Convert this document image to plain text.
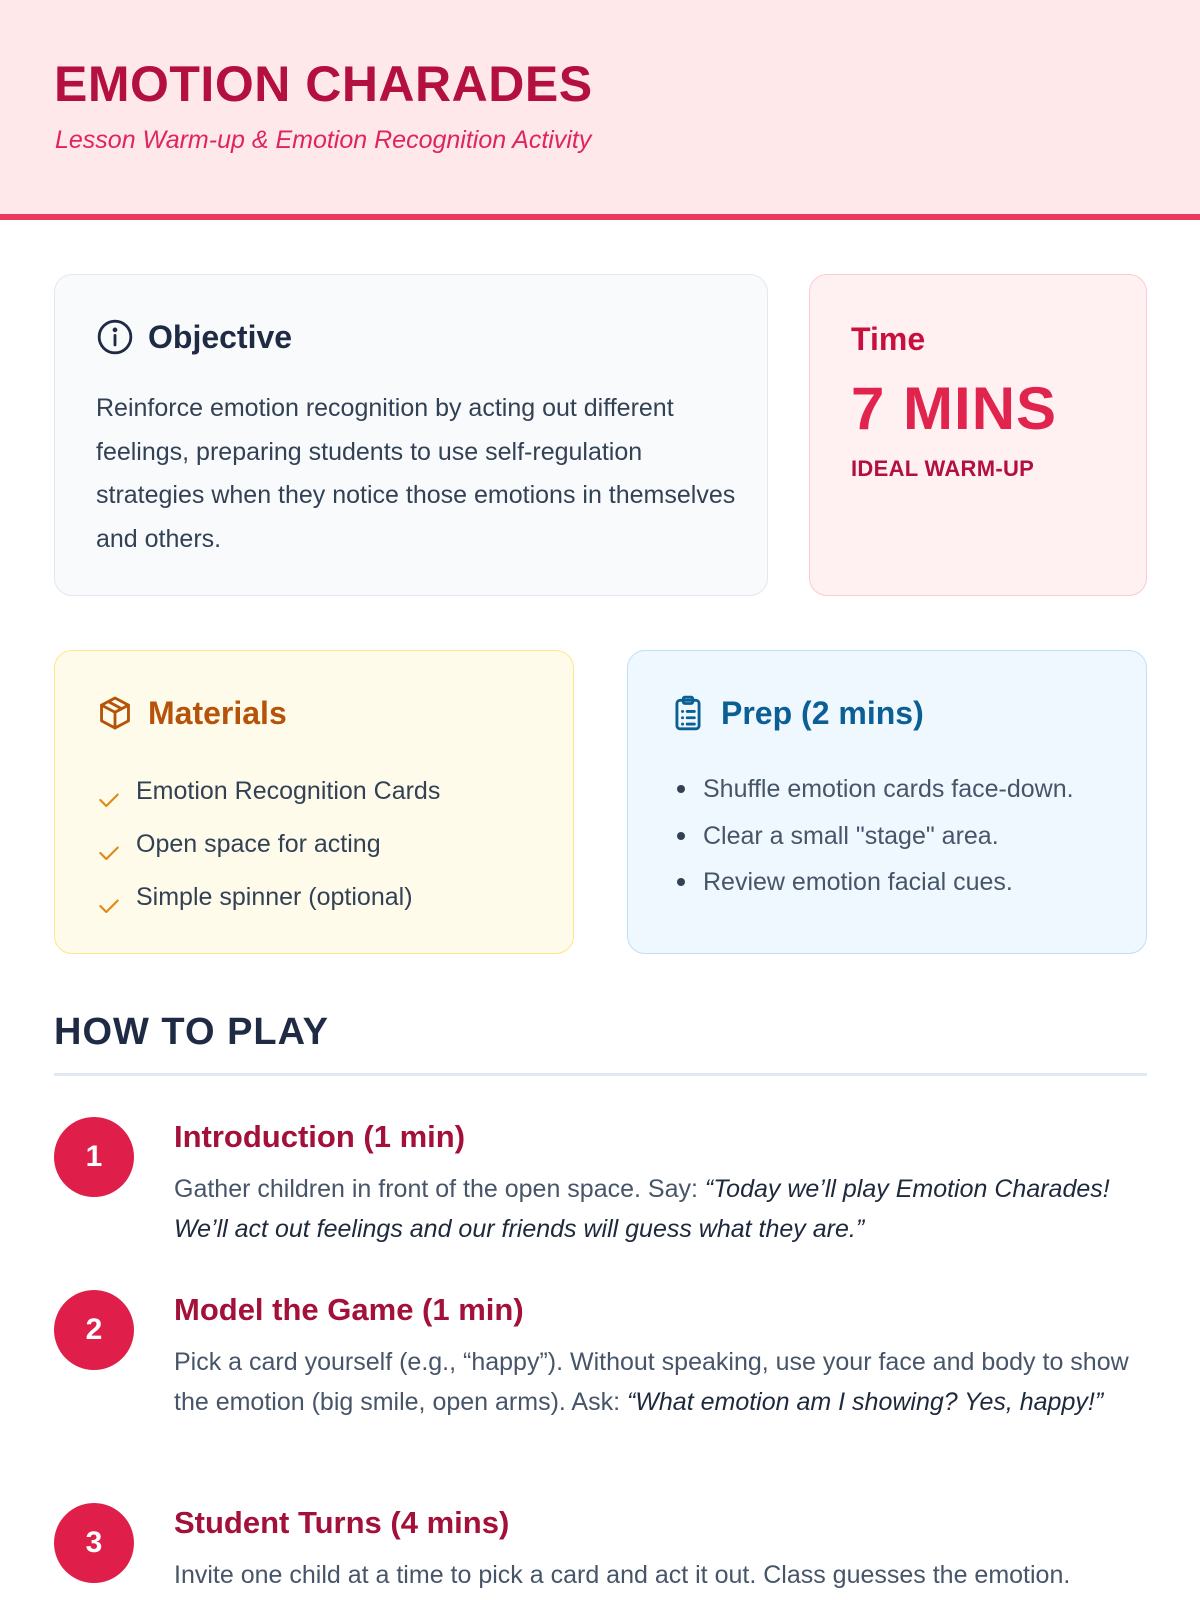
EMOTION CHARADES
Lesson Warm-up & Emotion Recognition Activity
Objective

Reinforce emotion recognition by acting out different feelings, preparing students to use self-regulation strategies when they notice those emotions in themselves and others.

Time
7 MINS
IDEAL WARM-UP
Materials
Emotion Recognition Cards
Open space for acting
Simple spinner (optional)
Prep (2 mins)
Shuffle emotion cards face-down.
Clear a small "stage" area.
Review emotion facial cues.
HOW TO PLAY
1
Introduction (1 min)

Gather children in front of the open space. Say: “Today we’ll play Emotion Charades! We’ll act out feelings and our friends will guess what they are.”

2
Model the Game (1 min)

Pick a card yourself (e.g., “happy”). Without speaking, use your face and body to show the emotion (big smile, open arms). Ask: “What emotion am I showing? Yes, happy!”

3
Student Turns (4 mins)

Invite one child at a time to pick a card and act it out. Class guesses the emotion.
